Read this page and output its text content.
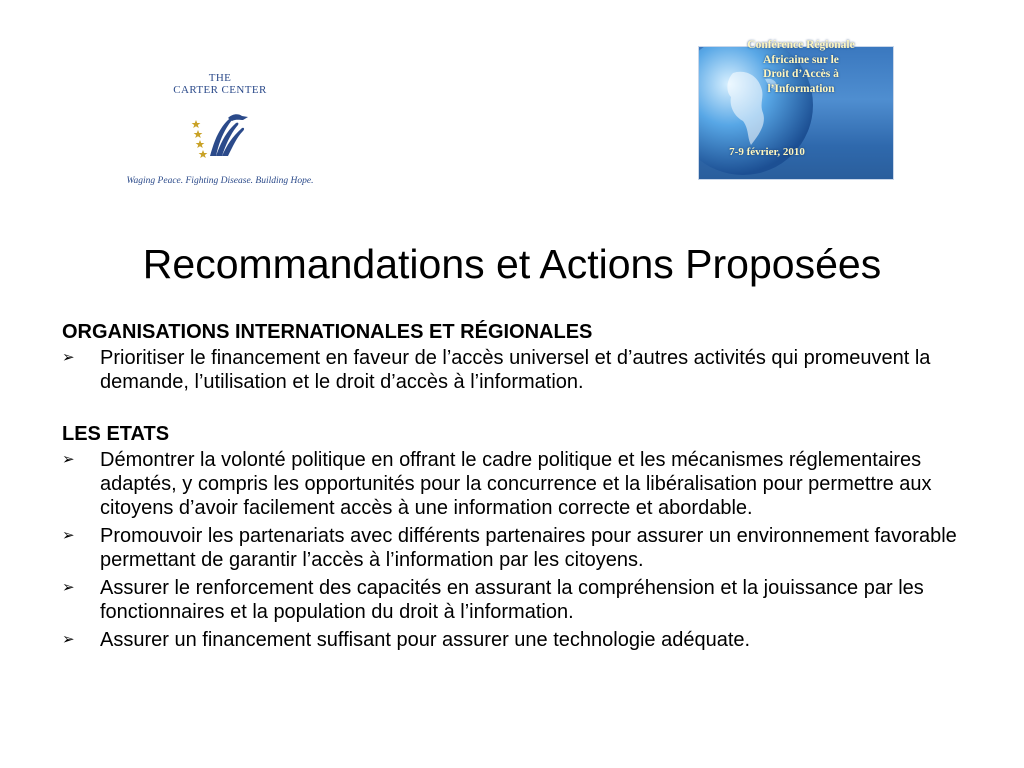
THE
CARTER CENTER
Waging Peace. Fighting Disease. Building Hope.
Conférence Régionale
Africaine sur le
Droit d’Accès à
l’Information
7-9 février, 2010
Recommandations et Actions Proposées

ORGANISATIONS INTERNATIONALES ET RÉGIONALES

➢	Prioritiser le financement en faveur de l’accès universel et d’autres activités qui promeuvent la demande, l’utilisation et le droit d’accès à l’information.

LES ETATS

➢	Démontrer la volonté politique en offrant le cadre politique et les mécanismes réglementaires adaptés, y compris les opportunités pour la concurrence et la libéralisation pour permettre aux citoyens d’avoir facilement accès à une information correcte et abordable.
➢	Promouvoir les partenariats avec différents partenaires pour assurer un environnement favorable permettant de garantir l’accès à l’information par les citoyens.
➢	Assurer le renforcement des capacités en assurant la compréhension et la jouissance par les fonctionnaires et la population du droit à l’information.
➢	Assurer un financement suffisant pour assurer une technologie adéquate.
